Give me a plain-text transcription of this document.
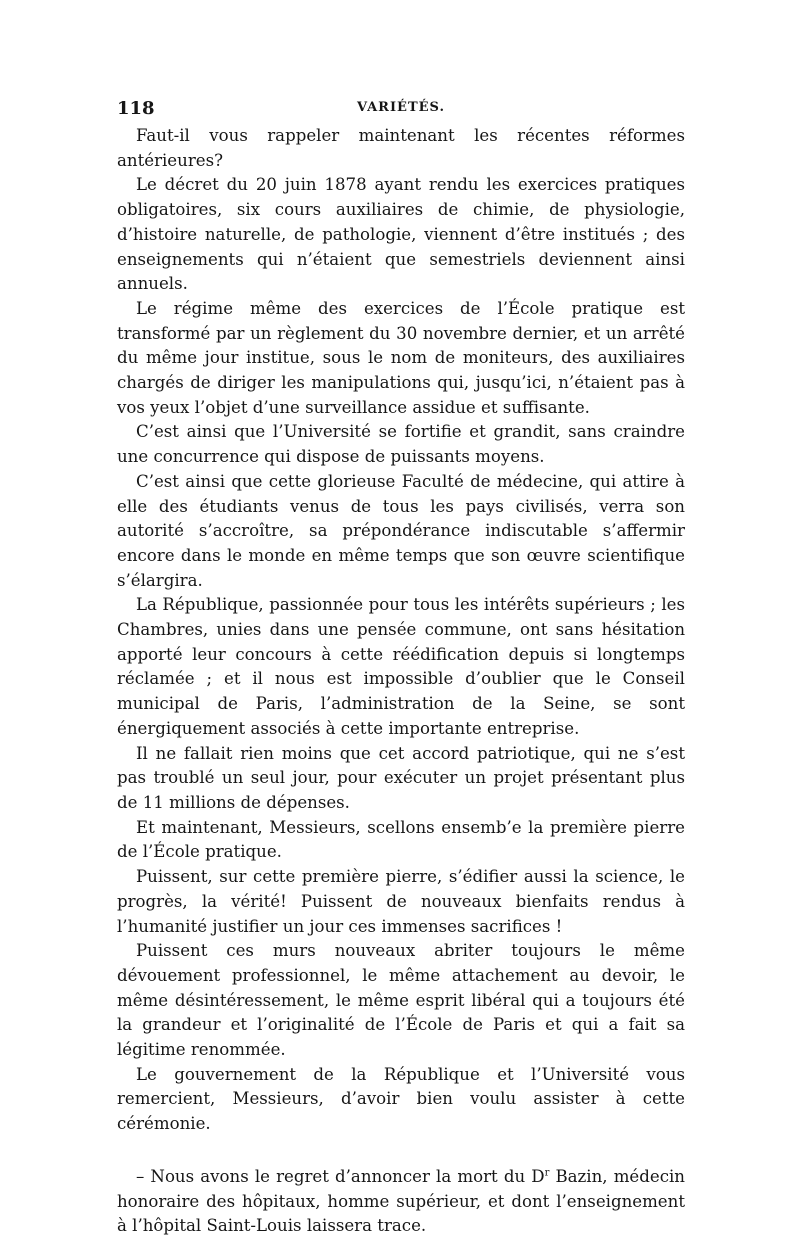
118	VARIÉTÉS.

Faut-il vous rappeler maintenant les récentes réformes antérieures?

Le décret du 20 juin 1878 ayant rendu les exercices pratiques obligatoires, six cours auxiliaires de chimie, de physiologie, d’histoire naturelle, de pathologie, viennent d’être institués ; des enseignements qui n’étaient que semestriels deviennent ainsi annuels.

Le régime même des exercices de l’École pratique est transformé par un règlement du 30 novembre dernier, et un arrêté du même jour institue, sous le nom de moniteurs, des auxiliaires chargés de diriger les manipulations qui, jusqu’ici, n’étaient pas à vos yeux l’objet d’une surveillance assidue et suffisante.

C’est ainsi que l’Université se fortifie et grandit, sans craindre une concurrence qui dispose de puissants moyens.

C’est ainsi que cette glorieuse Faculté de médecine, qui attire à elle des étudiants venus de tous les pays civilisés, verra son autorité s’accroître, sa prépondérance indiscutable s’affermir encore dans le monde en même temps que son œuvre scientifique s’élargira.

La République, passionnée pour tous les intérêts supérieurs ; les Chambres, unies dans une pensée commune, ont sans hésitation apporté leur concours à cette réédification depuis si longtemps réclamée ; et il nous est impossible d’oublier que le Conseil municipal de Paris, l’administration de la Seine, se sont énergiquement associés à cette importante entreprise.

Il ne fallait rien moins que cet accord patriotique, qui ne s’est pas troublé un seul jour, pour exécuter un projet présentant plus de 11 millions de dépenses.

Et maintenant, Messieurs, scellons ensemb’e la première pierre de l’École pratique.

Puissent, sur cette première pierre, s’édifier aussi la science, le progrès, la vérité! Puissent de nouveaux bienfaits rendus à l’humanité justifier un jour ces immenses sacrifices !

Puissent ces murs nouveaux abriter toujours le même dévouement professionnel, le même attachement au devoir, le même désintéressement, le même esprit libéral qui a toujours été la grandeur et l’originalité de l’École de Paris et qui a fait sa légitime renommée.

Le gouvernement de la République et l’Université vous remercient, Messieurs, d’avoir bien voulu assister à cette cérémonie.

– Nous avons le regret d’annoncer la mort du $D^r$ Bazin, médecin honoraire des hôpitaux, homme supérieur, et dont l’enseignement à l’hôpital Saint-Louis laissera trace.
